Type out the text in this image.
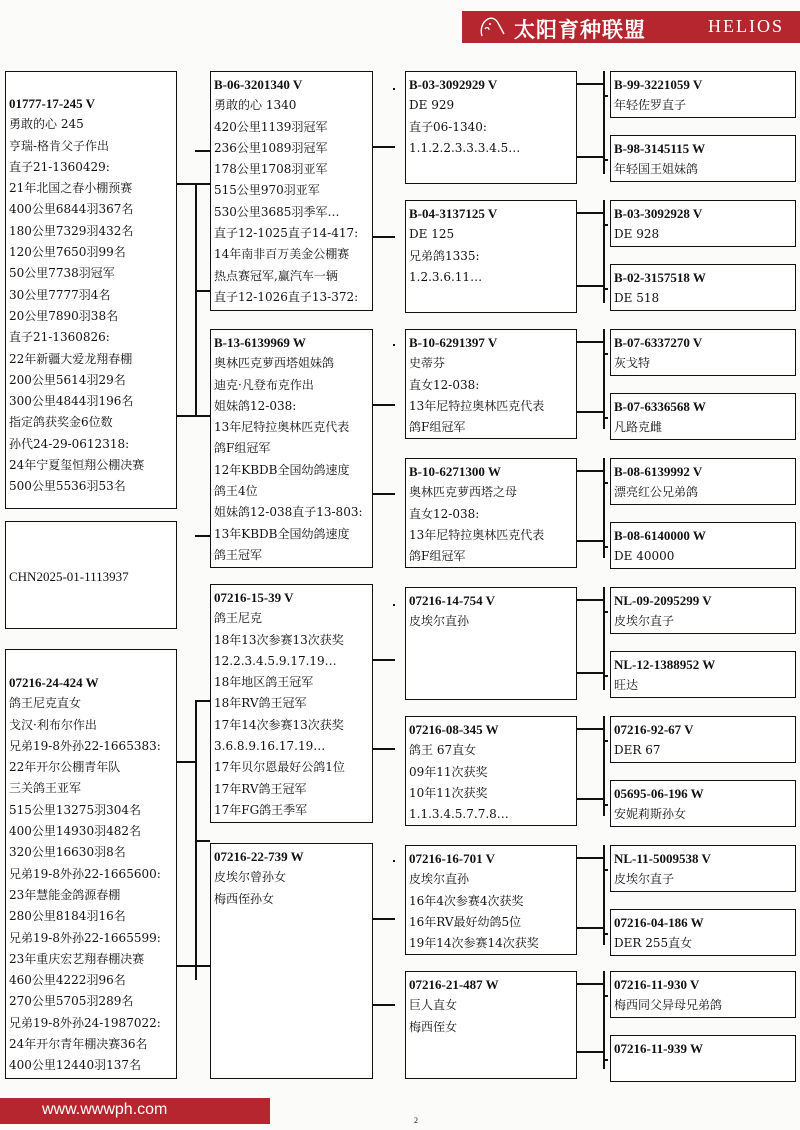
太阳育种联盟	HELIOS
CHN2025-01-1113937
01777-17-245 V
勇敢的心 245
亨瑞-格肯父子作出
直子21-1360429:
21年北国之春小棚预赛
400公里6844羽367名
180公里7329羽432名
120公里7650羽99名
50公里7738羽冠军
30公里7777羽4名
20公里7890羽38名
直子21-1360826:
22年新疆大爱龙翔春棚
200公里5614羽29名
300公里4844羽196名
指定鸽获奖金6位数
孙代24-29-0612318:
24年宁夏玺恒翔公棚决赛
500公里5536羽53名
07216-24-424 W
鸽王尼克直女
戈汉·利布尔作出
兄弟19-8外孙22-1665383:
22年开尔公棚青年队
三关鸽王亚军
515公里13275羽304名
400公里14930羽482名
320公里16630羽8名
兄弟19-8外孙22-1665600:
23年慧能金鸽源春棚
280公里8184羽16名
兄弟19-8外孙22-1665599:
23年重庆宏艺翔春棚决赛
460公里4222羽96名
270公里5705羽289名
兄弟19-8外孙24-1987022:
24年开尔青年棚决赛36名
400公里12440羽137名
B-06-3201340 V
勇敢的心 1340
420公里1139羽冠军
236公里1089羽冠军
178公里1708羽亚军
515公里970羽亚军
530公里3685羽季军…
直子12-1025直子14-417:
14年南非百万美金公棚赛
热点赛冠军,赢汽车一辆
直子12-1026直子13-372:
B-13-6139969 W
奥林匹克萝西塔姐妹鸽
迪克·凡登布克作出
姐妹鸽12-038:
13年尼特拉奥林匹克代表
鸽F组冠军
12年KBDB全国幼鸽速度
鸽王4位
姐妹鸽12-038直子13-803:
13年KBDB全国幼鸽速度
鸽王冠军
07216-15-39 V
鸽王尼克
18年13次参赛13次获奖
12.2.3.4.5.9.17.19…
18年地区鸽王冠军
18年RV鸽王冠军
17年14次参赛13次获奖
3.6.8.9.16.17.19…
17年贝尔恩最好公鸽1位
17年RV鸽王冠军
17年FG鸽王季军
07216-22-739 W
皮埃尔曾孙女
梅西侄孙女
B-03-3092929 V
DE 929
直子06-1340:
1.1.2.2.3.3.3.4.5…
B-04-3137125 V
DE 125
兄弟鸽1335:
1.2.3.6.11…
B-10-6291397 V
史蒂芬
直女12-038:
13年尼特拉奥林匹克代表
鸽F组冠军
B-10-6271300 W
奥林匹克萝西塔之母
直女12-038:
13年尼特拉奥林匹克代表
鸽F组冠军
07216-14-754 V
皮埃尔直孙
07216-08-345 W
鸽王 67直女
09年11次获奖
10年11次获奖
1.1.3.4.5.7.7.8…
07216-16-701 V
皮埃尔直孙
16年4次参赛4次获奖
16年RV最好幼鸽5位
19年14次参赛14次获奖
07216-21-487 W
巨人直女
梅西侄女
B-99-3221059 V
年轻佐罗直子
B-98-3145115 W
年轻国王姐妹鸽
B-03-3092928 V
DE 928
B-02-3157518 W
DE 518
B-07-6337270 V
灰戈特
B-07-6336568 W
凡路克雌
B-08-6139992 V
漂亮红公兄弟鸽
B-08-6140000 W
DE 40000
NL-09-2095299 V
皮埃尔直子
NL-12-1388952 W
旺达
07216-92-67 V
DER 67
05695-06-196 W
安妮莉斯孙女
NL-11-5009538 V
皮埃尔直子
07216-04-186 W
DER 255直女
07216-11-930 V
梅西同父异母兄弟鸽
07216-11-939 W
www.wwwph.com
2
